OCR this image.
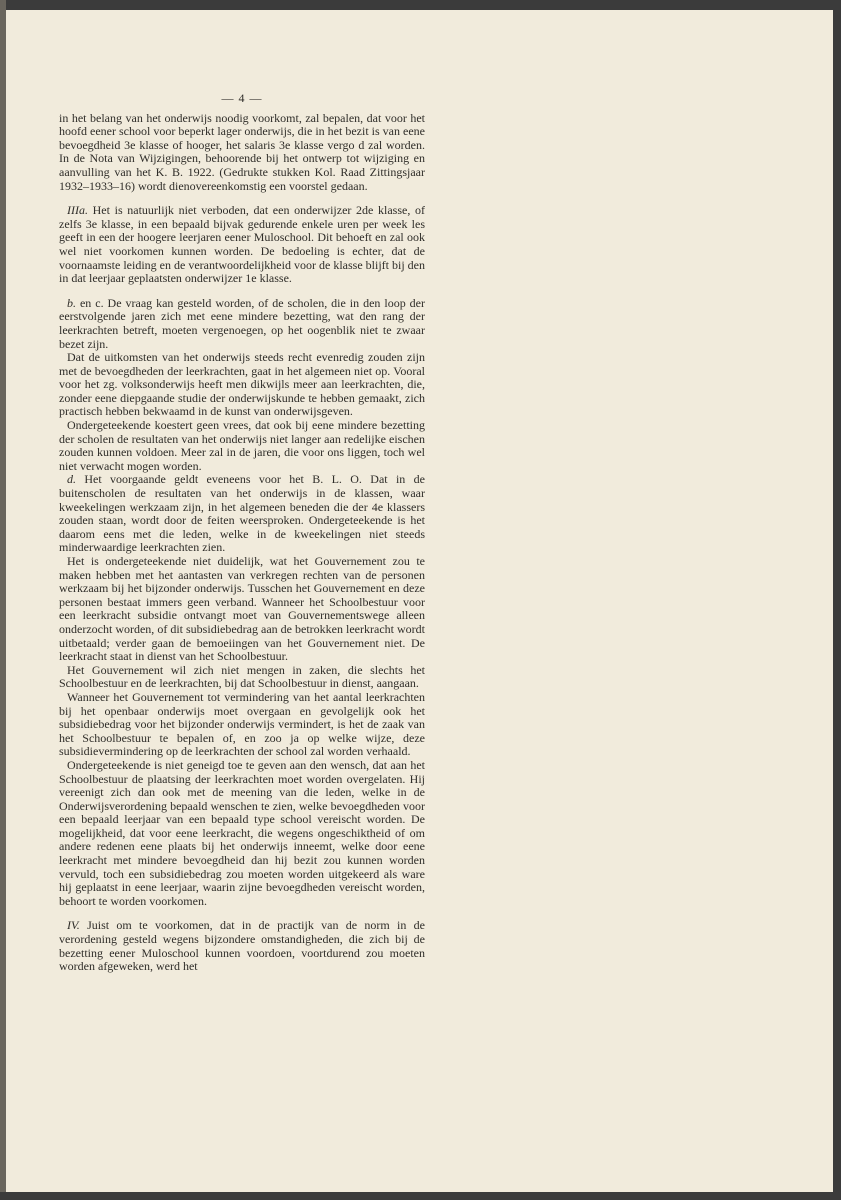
— 4 —

in het belang van het onderwijs noodig voorkomt, zal bepalen, dat voor het hoofd eener school voor beperkt lager onderwijs, die in het bezit is van eene bevoegdheid 3e klasse of hooger, het salaris 3e klasse vergo d zal worden. In de Nota van Wijzigingen, behoorende bij het ontwerp tot wijziging en aanvulling van het K. B. 1922. (Gedrukte stukken Kol. Raad Zittingsjaar 1932–1933–16) wordt dienovereenkomstig een voorstel gedaan.

IIIa. Het is natuurlijk niet verboden, dat een onderwijzer 2de klasse, of zelfs 3e klasse, in een bepaald bijvak gedurende enkele uren per week les geeft in een der hoogere leerjaren eener Muloschool. Dit behoeft en zal ook wel niet voorkomen kunnen worden. De bedoeling is echter, dat de voornaamste leiding en de verantwoordelijkheid voor de klasse blijft bij den in dat leerjaar geplaatsten onderwijzer 1e klasse.

b. en c. De vraag kan gesteld worden, of de scholen, die in den loop der eerstvolgende jaren zich met eene mindere bezetting, wat den rang der leerkrachten betreft, moeten vergenoegen, op het oogenblik niet te zwaar bezet zijn.

Dat de uitkomsten van het onderwijs steeds recht evenredig zouden zijn met de bevoegdheden der leerkrachten, gaat in het algemeen niet op. Vooral voor het zg. volksonderwijs heeft men dikwijls meer aan leerkrachten, die, zonder eene diepgaande studie der onderwijskunde te hebben gemaakt, zich practisch hebben bekwaamd in de kunst van onderwijsgeven.

Ondergeteekende koestert geen vrees, dat ook bij eene mindere bezetting der scholen de resultaten van het onderwijs niet langer aan redelijke eischen zouden kunnen voldoen. Meer zal in de jaren, die voor ons liggen, toch wel niet verwacht mogen worden.

d. Het voorgaande geldt eveneens voor het B. L. O. Dat in de buitenscholen de resultaten van het onderwijs in de klassen, waar kweekelingen werkzaam zijn, in het algemeen beneden die der 4e klassers zouden staan, wordt door de feiten weersproken. Ondergeteekende is het daarom eens met die leden, welke in de kweekelingen niet steeds minderwaardige leerkrachten zien.

Het is ondergeteekende niet duidelijk, wat het Gouvernement zou te maken hebben met het aantasten van verkregen rechten van de personen werkzaam bij het bijzonder onderwijs. Tusschen het Gouvernement en deze personen bestaat immers geen verband. Wanneer het Schoolbestuur voor een leerkracht subsidie ontvangt moet van Gouvernementswege alleen onderzocht worden, of dit subsidiebedrag aan de betrokken leerkracht wordt uitbetaald; verder gaan de bemoeiingen van het Gouvernement niet. De leerkracht staat in dienst van het Schoolbestuur.

Het Gouvernement wil zich niet mengen in zaken, die slechts het Schoolbestuur en de leerkrachten, bij dat Schoolbestuur in dienst, aangaan.

Wanneer het Gouvernement tot vermindering van het aantal leerkrachten bij het openbaar onderwijs moet overgaan en gevolgelijk ook het subsidiebedrag voor het bijzonder onderwijs vermindert, is het de zaak van het Schoolbestuur te bepalen of, en zoo ja op welke wijze, deze subsidievermindering op de leerkrachten der school zal worden verhaald.

Ondergeteekende is niet geneigd toe te geven aan den wensch, dat aan het Schoolbestuur de plaatsing der leerkrachten moet worden overgelaten. Hij vereenigt zich dan ook met de meening van die leden, welke in de Onderwijsverordening bepaald wenschen te zien, welke bevoegdheden voor een bepaald leerjaar van een bepaald type school vereischt worden. De mogelijkheid, dat voor eene leerkracht, die wegens ongeschiktheid of om andere redenen eene plaats bij het onderwijs inneemt, welke door eene leerkracht met mindere bevoegdheid dan hij bezit zou kunnen worden vervuld, toch een subsidiebedrag zou moeten worden uitgekeerd als ware hij geplaatst in eene leerjaar, waarin zijne bevoegdheden vereischt worden, behoort te worden voorkomen.

IV. Juist om te voorkomen, dat in de practijk van de norm in de verordening gesteld wegens bijzondere omstandigheden, die zich bij de bezetting eener Muloschool kunnen voordoen, voortdurend zou moeten worden afgeweken, werd het
